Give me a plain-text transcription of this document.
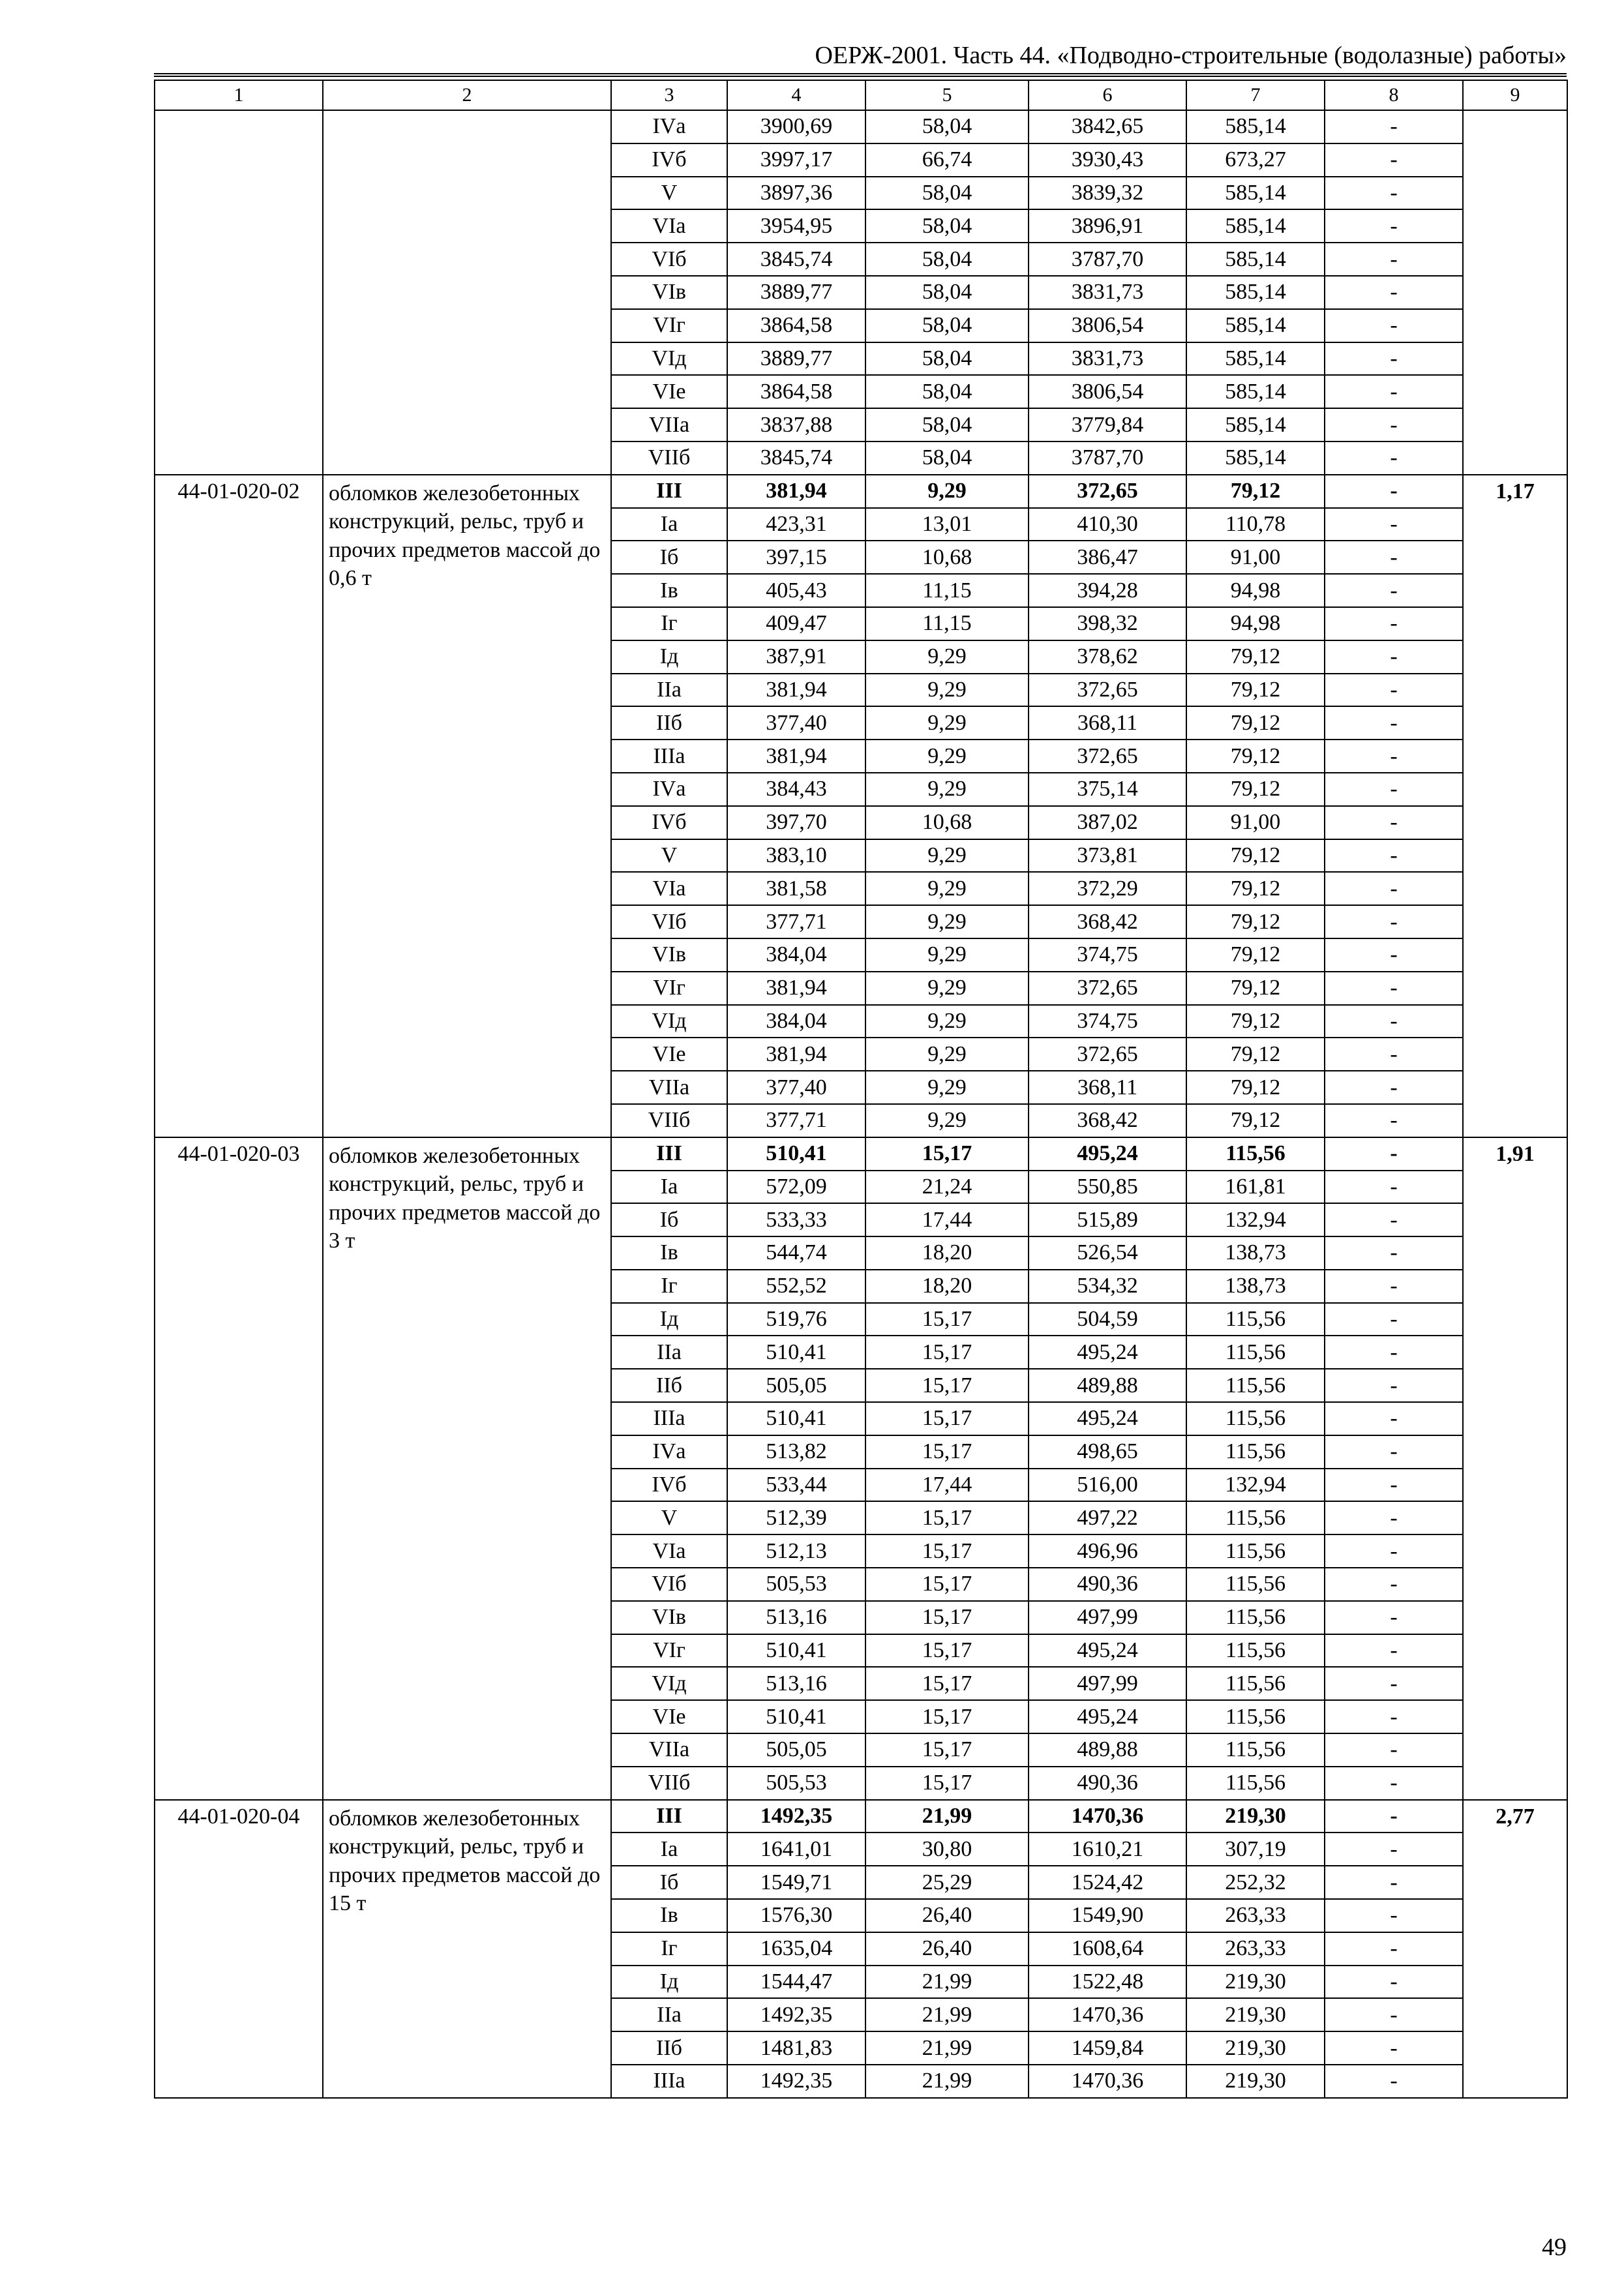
ОЕРЖ-2001. Часть 44. «Подводно-строительные (водолазные) работы»
1	2	3	4	5	6	7	8	9
		IVа	3900,69	58,04	3842,65	585,14	-	
		IVб	3997,17	66,74	3930,43	673,27	-	
		V	3897,36	58,04	3839,32	585,14	-	
		VIа	3954,95	58,04	3896,91	585,14	-	
		VIб	3845,74	58,04	3787,70	585,14	-	
		VIв	3889,77	58,04	3831,73	585,14	-	
		VIг	3864,58	58,04	3806,54	585,14	-	
		VIд	3889,77	58,04	3831,73	585,14	-	
		VIе	3864,58	58,04	3806,54	585,14	-	
		VIIа	3837,88	58,04	3779,84	585,14	-	
		VIIб	3845,74	58,04	3787,70	585,14	-	
44-01-020-02	обломков железобетонных конструкций, рельс, труб и прочих предметов массой до 0,6 т	III	381,94	9,29	372,65	79,12	-	1,17
		Iа	423,31	13,01	410,30	110,78	-	
		Iб	397,15	10,68	386,47	91,00	-	
		Iв	405,43	11,15	394,28	94,98	-	
		Iг	409,47	11,15	398,32	94,98	-	
		Iд	387,91	9,29	378,62	79,12	-	
		IIа	381,94	9,29	372,65	79,12	-	
		IIб	377,40	9,29	368,11	79,12	-	
		IIIа	381,94	9,29	372,65	79,12	-	
		IVа	384,43	9,29	375,14	79,12	-	
		IVб	397,70	10,68	387,02	91,00	-	
		V	383,10	9,29	373,81	79,12	-	
		VIа	381,58	9,29	372,29	79,12	-	
		VIб	377,71	9,29	368,42	79,12	-	
		VIв	384,04	9,29	374,75	79,12	-	
		VIг	381,94	9,29	372,65	79,12	-	
		VIд	384,04	9,29	374,75	79,12	-	
		VIе	381,94	9,29	372,65	79,12	-	
		VIIа	377,40	9,29	368,11	79,12	-	
		VIIб	377,71	9,29	368,42	79,12	-	
44-01-020-03	обломков железобетонных конструкций, рельс, труб и прочих предметов массой до 3 т	III	510,41	15,17	495,24	115,56	-	1,91
		Iа	572,09	21,24	550,85	161,81	-	
		Iб	533,33	17,44	515,89	132,94	-	
		Iв	544,74	18,20	526,54	138,73	-	
		Iг	552,52	18,20	534,32	138,73	-	
		Iд	519,76	15,17	504,59	115,56	-	
		IIа	510,41	15,17	495,24	115,56	-	
		IIб	505,05	15,17	489,88	115,56	-	
		IIIа	510,41	15,17	495,24	115,56	-	
		IVа	513,82	15,17	498,65	115,56	-	
		IVб	533,44	17,44	516,00	132,94	-	
		V	512,39	15,17	497,22	115,56	-	
		VIа	512,13	15,17	496,96	115,56	-	
		VIб	505,53	15,17	490,36	115,56	-	
		VIв	513,16	15,17	497,99	115,56	-	
		VIг	510,41	15,17	495,24	115,56	-	
		VIд	513,16	15,17	497,99	115,56	-	
		VIе	510,41	15,17	495,24	115,56	-	
		VIIа	505,05	15,17	489,88	115,56	-	
		VIIб	505,53	15,17	490,36	115,56	-	
44-01-020-04	обломков железобетонных конструкций, рельс, труб и прочих предметов массой до 15 т	III	1492,35	21,99	1470,36	219,30	-	2,77
		Iа	1641,01	30,80	1610,21	307,19	-	
		Iб	1549,71	25,29	1524,42	252,32	-	
		Iв	1576,30	26,40	1549,90	263,33	-	
		Iг	1635,04	26,40	1608,64	263,33	-	
		Iд	1544,47	21,99	1522,48	219,30	-	
		IIа	1492,35	21,99	1470,36	219,30	-	
		IIб	1481,83	21,99	1459,84	219,30	-	
		IIIа	1492,35	21,99	1470,36	219,30	-	
49
